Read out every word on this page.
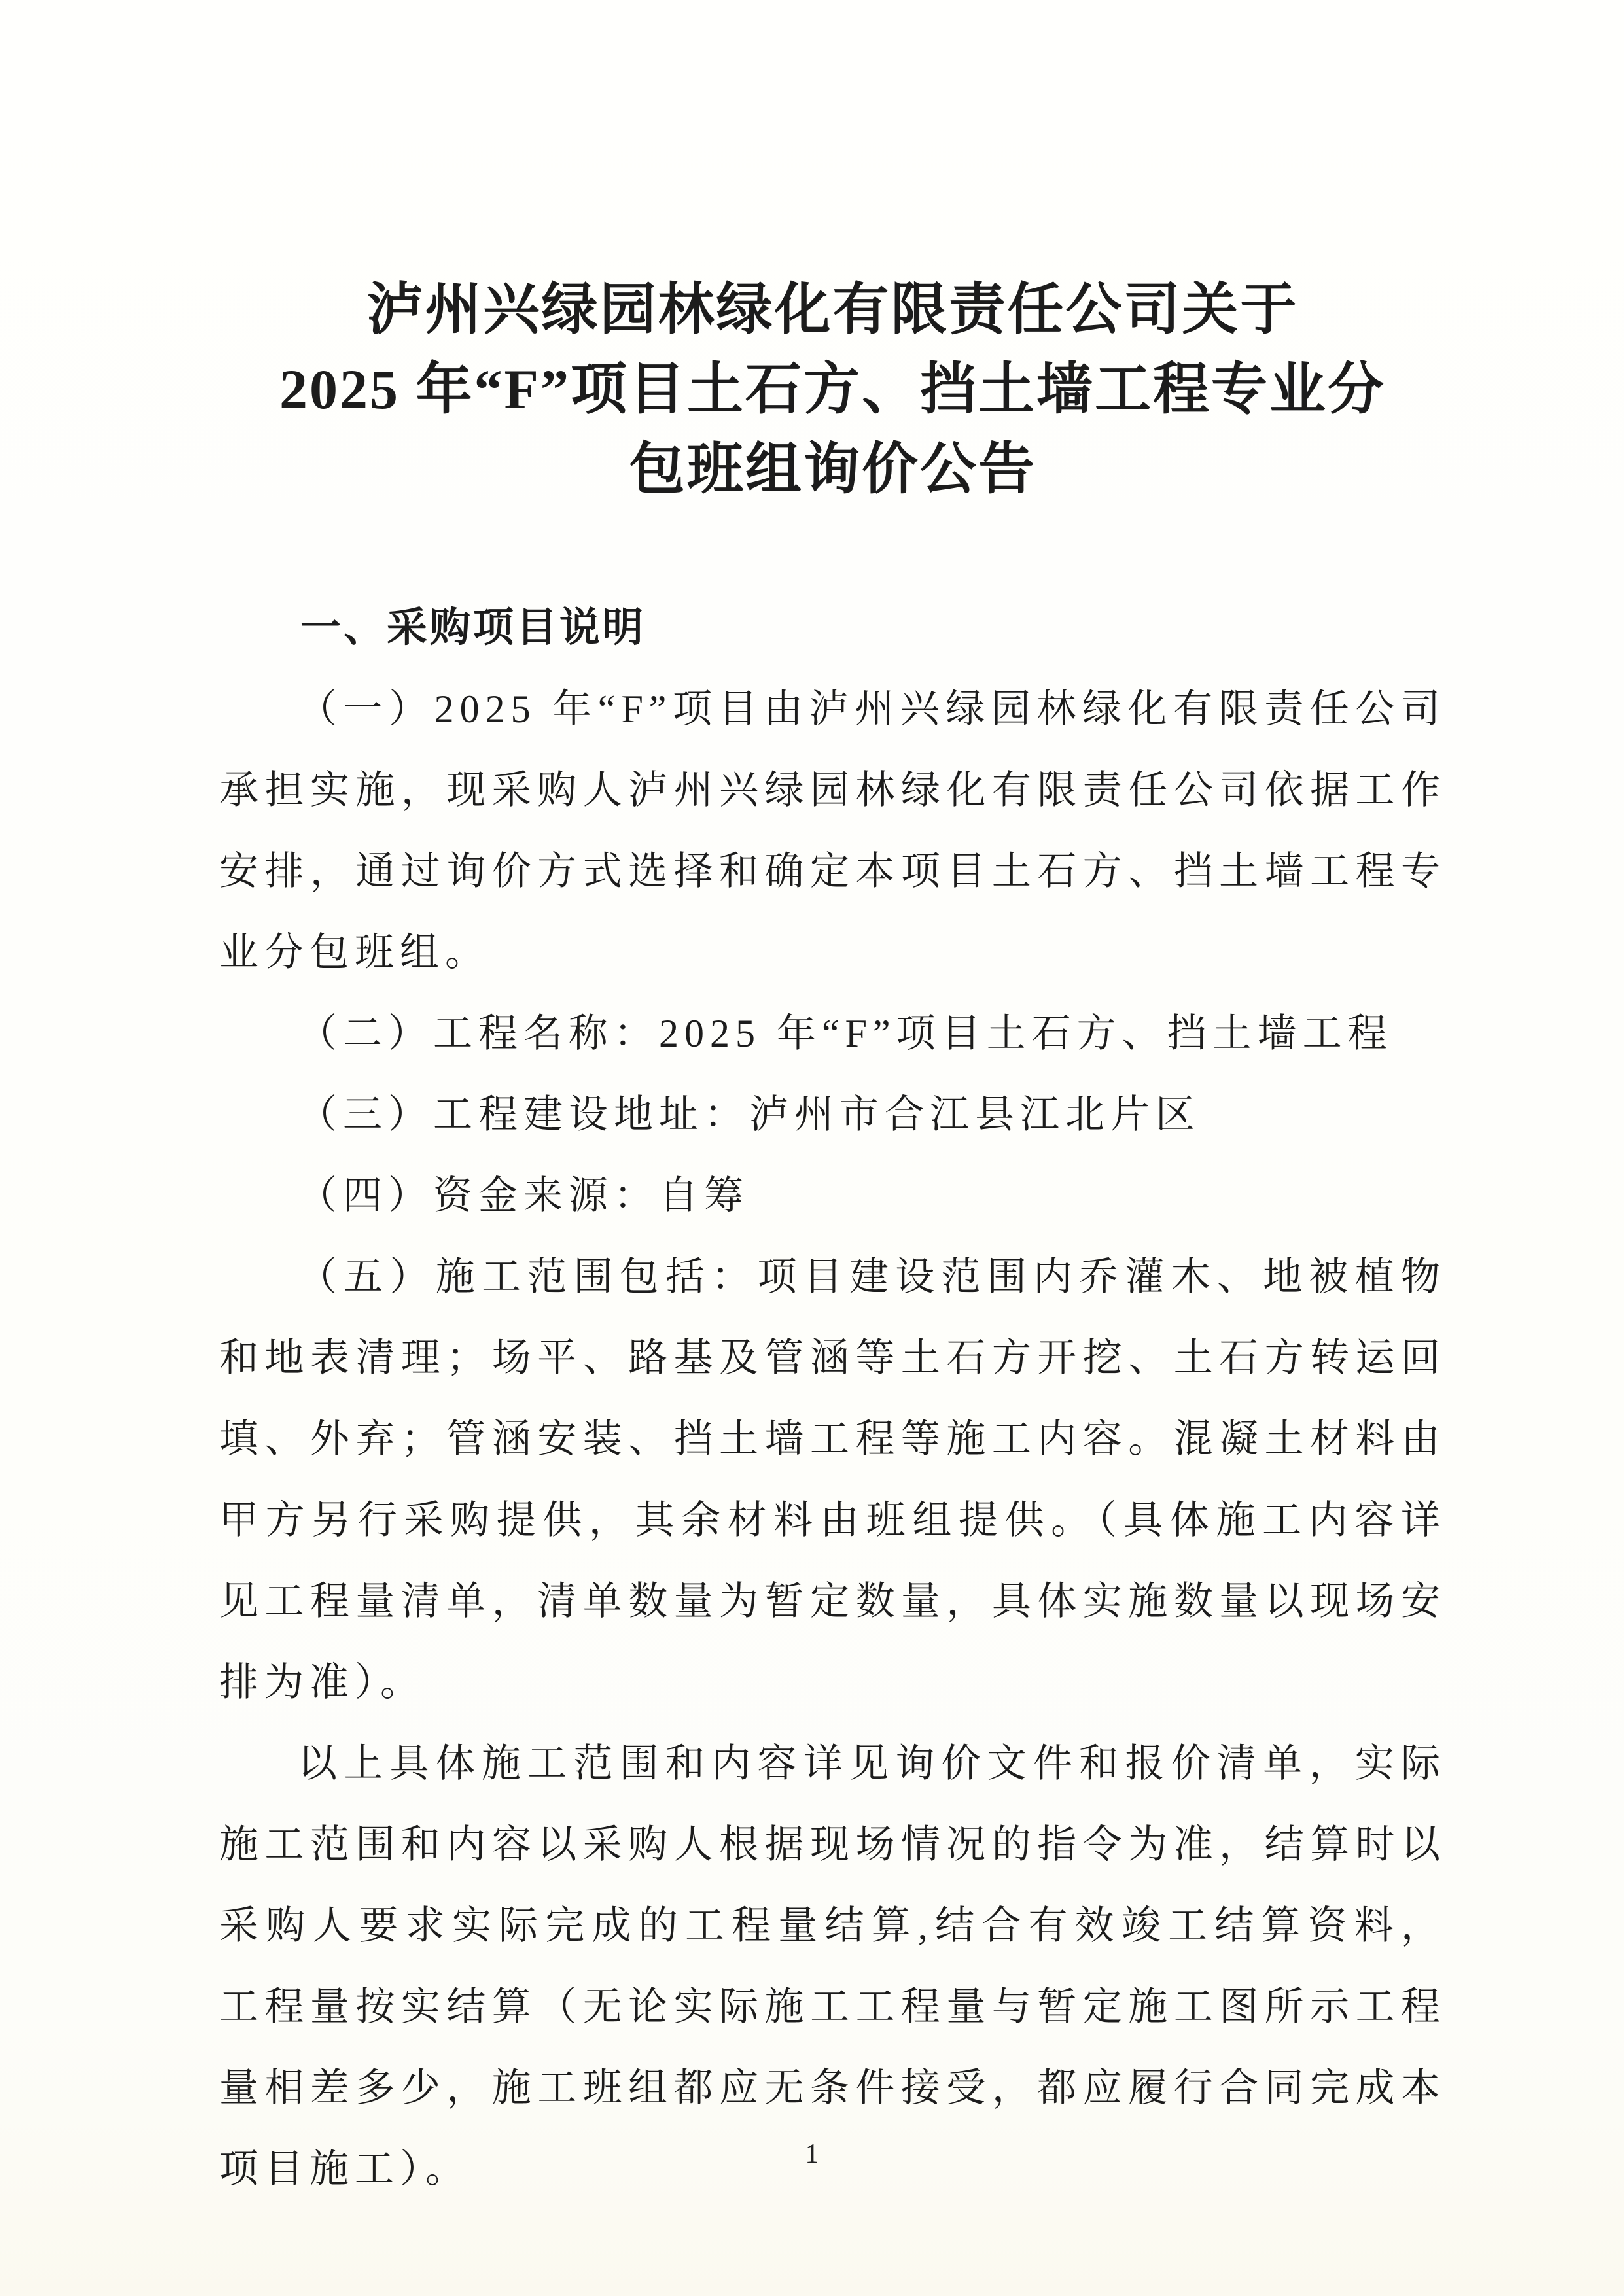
泸州兴绿园林绿化有限责任公司关于
2025 年“F”项目土石方、挡土墙工程专业分
包班组询价公告
一、采购项目说明

（一）2025 年“F”项目由泸州兴绿园林绿化有限责任公司承担实施，现采购人泸州兴绿园林绿化有限责任公司依据工作安排，通过询价方式选择和确定本项目土石方、挡土墙工程专业分包班组。

（二）工程名称：2025 年“F”项目土石方、挡土墙工程

（三）工程建设地址：泸州市合江县江北片区

（四）资金来源：自筹

（五）施工范围包括：项目建设范围内乔灌木、地被植物和地表清理；场平、路基及管涵等土石方开挖、土石方转运回填、外弃；管涵安装、挡土墙工程等施工内容。混凝土材料由甲方另行采购提供，其余材料由班组提供。（具体施工内容详见工程量清单，清单数量为暂定数量，具体实施数量以现场安排为准）。

以上具体施工范围和内容详见询价文件和报价清单，实际施工范围和内容以采购人根据现场情况的指令为准，结算时以采购人要求实际完成的工程量结算,结合有效竣工结算资料，工程量按实结算（无论实际施工工程量与暂定施工图所示工程量相差多少，施工班组都应无条件接受，都应履行合同完成本项目施工）。	1
